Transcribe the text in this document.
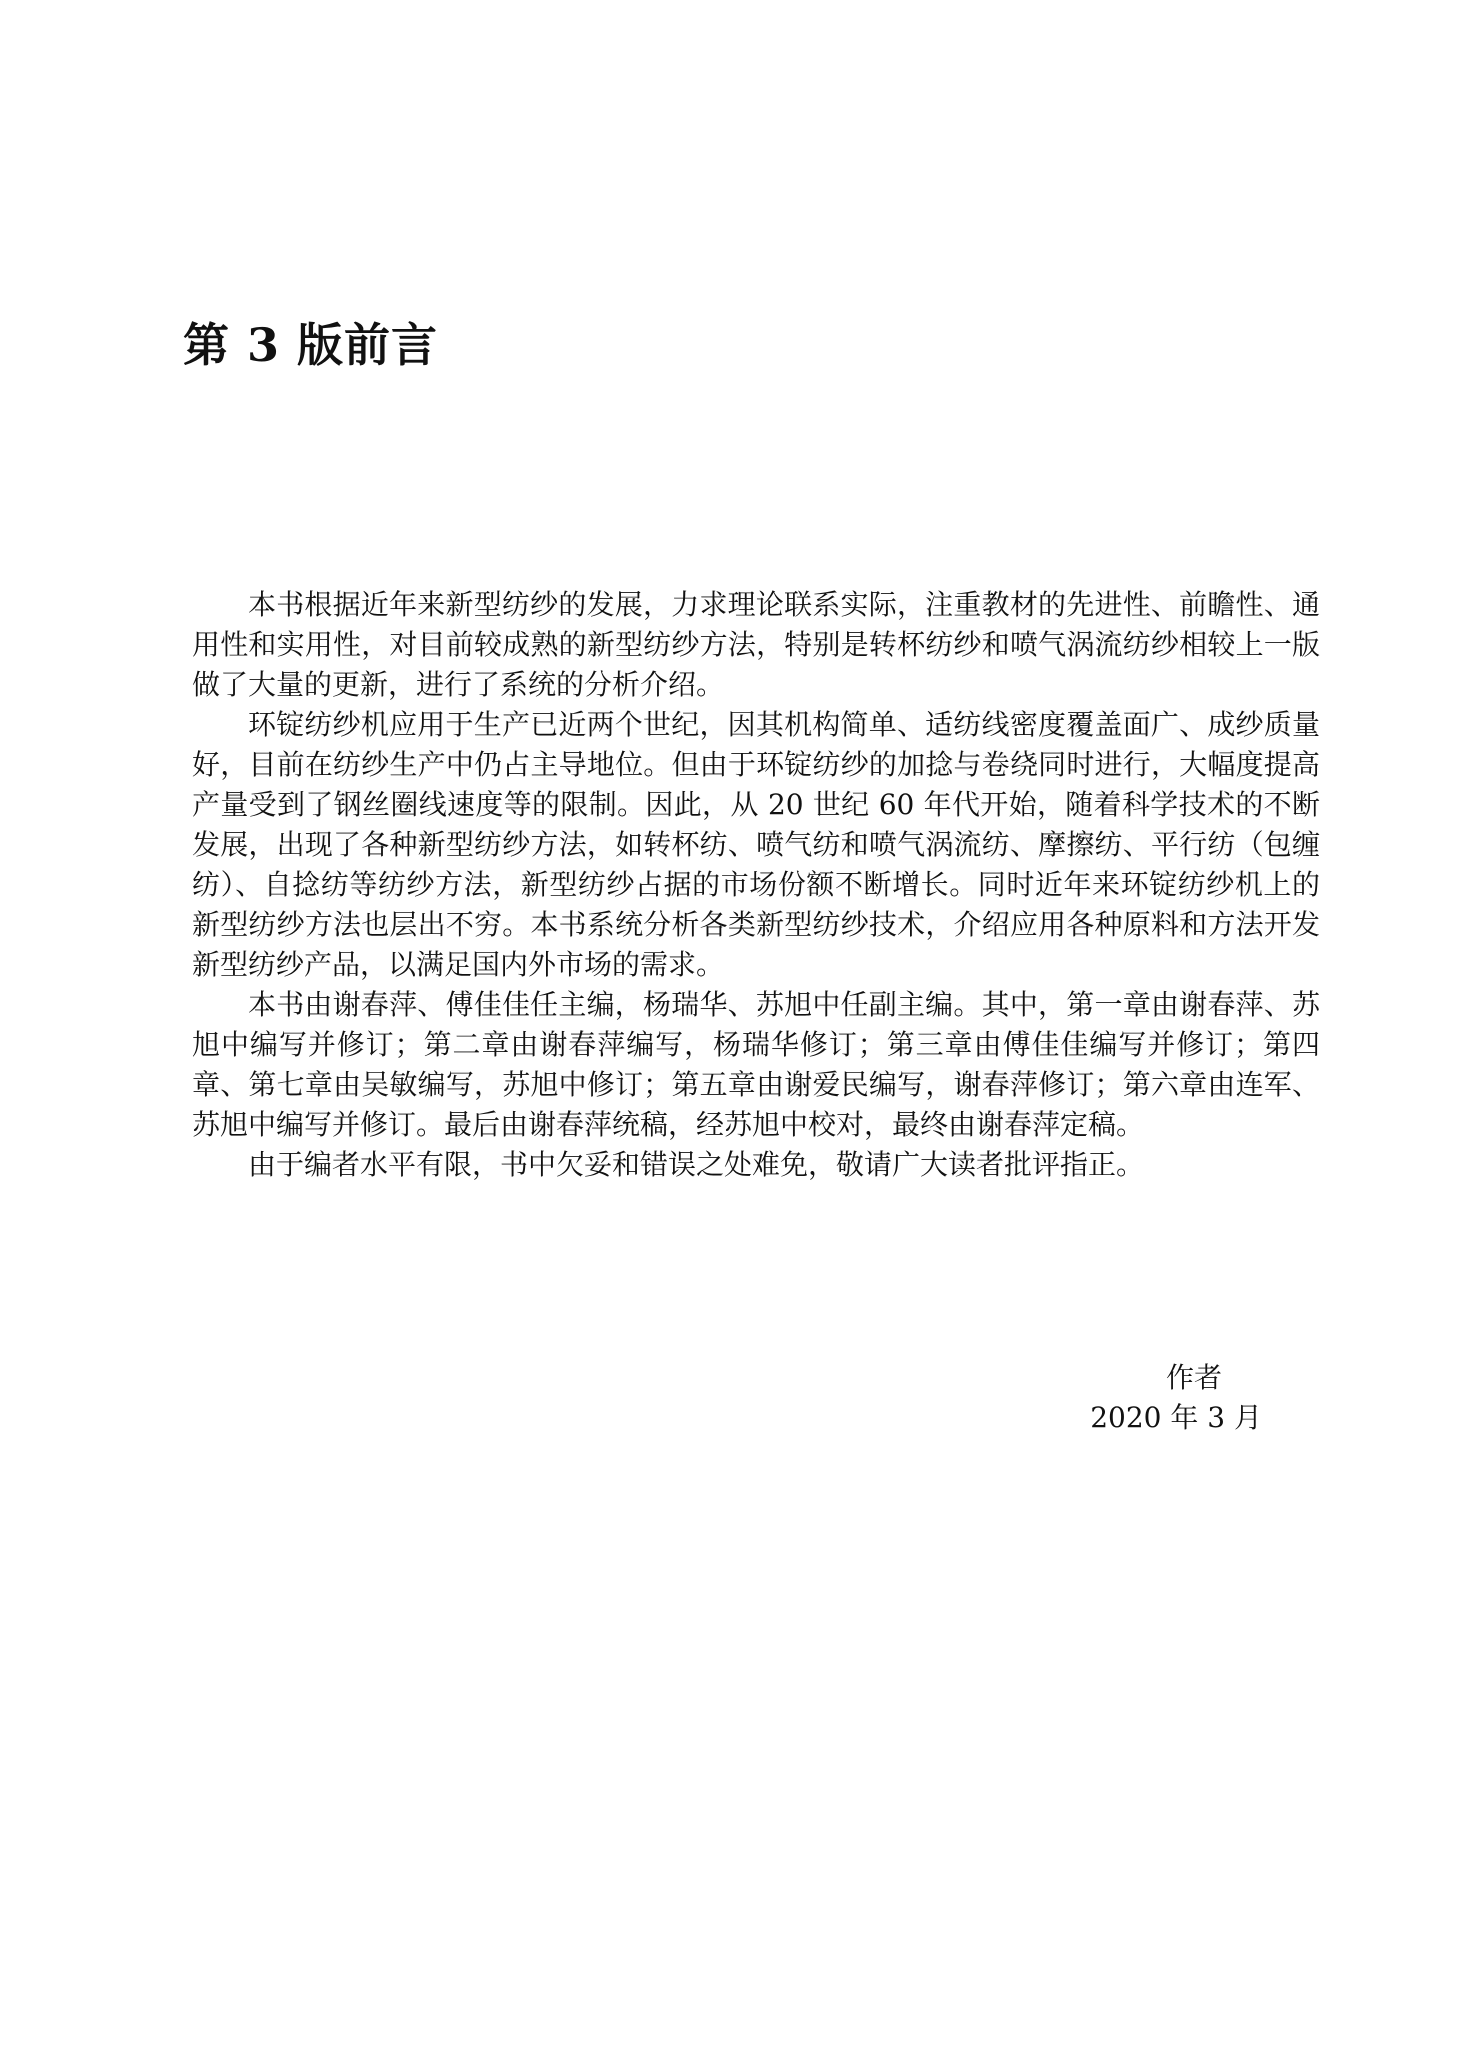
第 3 版前言

本书根据近年来新型纺纱的发展，力求理论联系实际，注重教材的先进性、前瞻性、通用性和实用性，对目前较成熟的新型纺纱方法，特别是转杯纺纱和喷气涡流纺纱相较上一版做了大量的更新，进行了系统的分析介绍。

环锭纺纱机应用于生产已近两个世纪，因其机构简单、适纺线密度覆盖面广、成纱质量好，目前在纺纱生产中仍占主导地位。但由于环锭纺纱的加捻与卷绕同时进行，大幅度提高产量受到了钢丝圈线速度等的限制。因此，从 20 世纪 60 年代开始，随着科学技术的不断发展，出现了各种新型纺纱方法，如转杯纺、喷气纺和喷气涡流纺、摩擦纺、平行纺（包缠纺）、自捻纺等纺纱方法，新型纺纱占据的市场份额不断增长。同时近年来环锭纺纱机上的新型纺纱方法也层出不穷。本书系统分析各类新型纺纱技术，介绍应用各种原料和方法开发新型纺纱产品，以满足国内外市场的需求。

本书由谢春萍、傅佳佳任主编，杨瑞华、苏旭中任副主编。其中，第一章由谢春萍、苏旭中编写并修订；第二章由谢春萍编写，杨瑞华修订；第三章由傅佳佳编写并修订；第四章、第七章由吴敏编写，苏旭中修订；第五章由谢爱民编写，谢春萍修订；第六章由连军、苏旭中编写并修订。最后由谢春萍统稿，经苏旭中校对，最终由谢春萍定稿。

由于编者水平有限，书中欠妥和错误之处难免，敬请广大读者批评指正。

作者
2020 年 3 月
